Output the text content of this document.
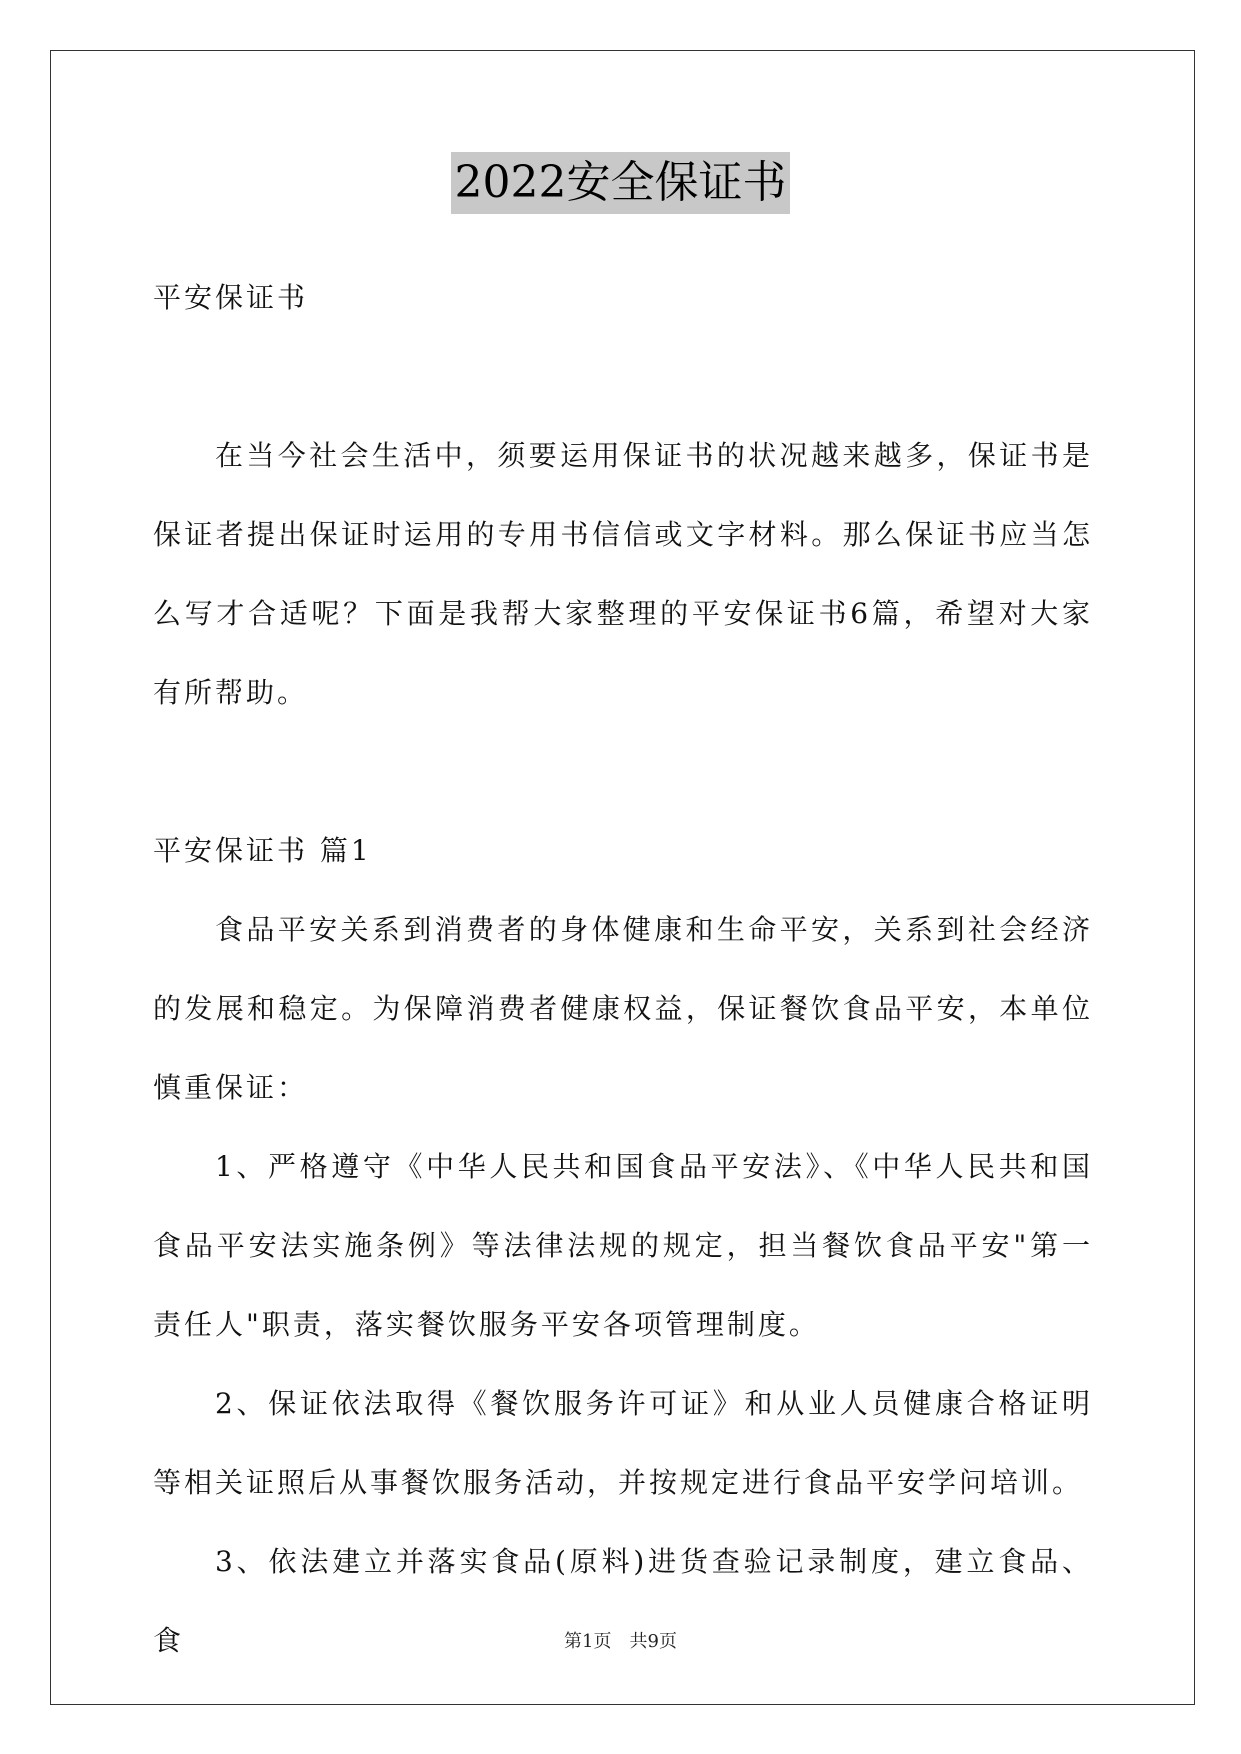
2022安全保证书

平安保证书

在当今社会生活中，须要运用保证书的状况越来越多，保证书是保证者提出保证时运用的专用书信信或文字材料。那么保证书应当怎么写才合适呢？下面是我帮大家整理的平安保证书6篇，希望对大家有所帮助。

平安保证书 篇1

食品平安关系到消费者的身体健康和生命平安，关系到社会经济的发展和稳定。为保障消费者健康权益，保证餐饮食品平安，本单位慎重保证：

1、严格遵守《中华人民共和国食品平安法》、《中华人民共和国食品平安法实施条例》等法律法规的规定，担当餐饮食品平安"第一责任人"职责，落实餐饮服务平安各项管理制度。

2、保证依法取得《餐饮服务许可证》和从业人员健康合格证明等相关证照后从事餐饮服务活动，并按规定进行食品平安学问培训。

3、依法建立并落实食品(原料)进货查验记录制度，建立食品、食	第1页 共9页
